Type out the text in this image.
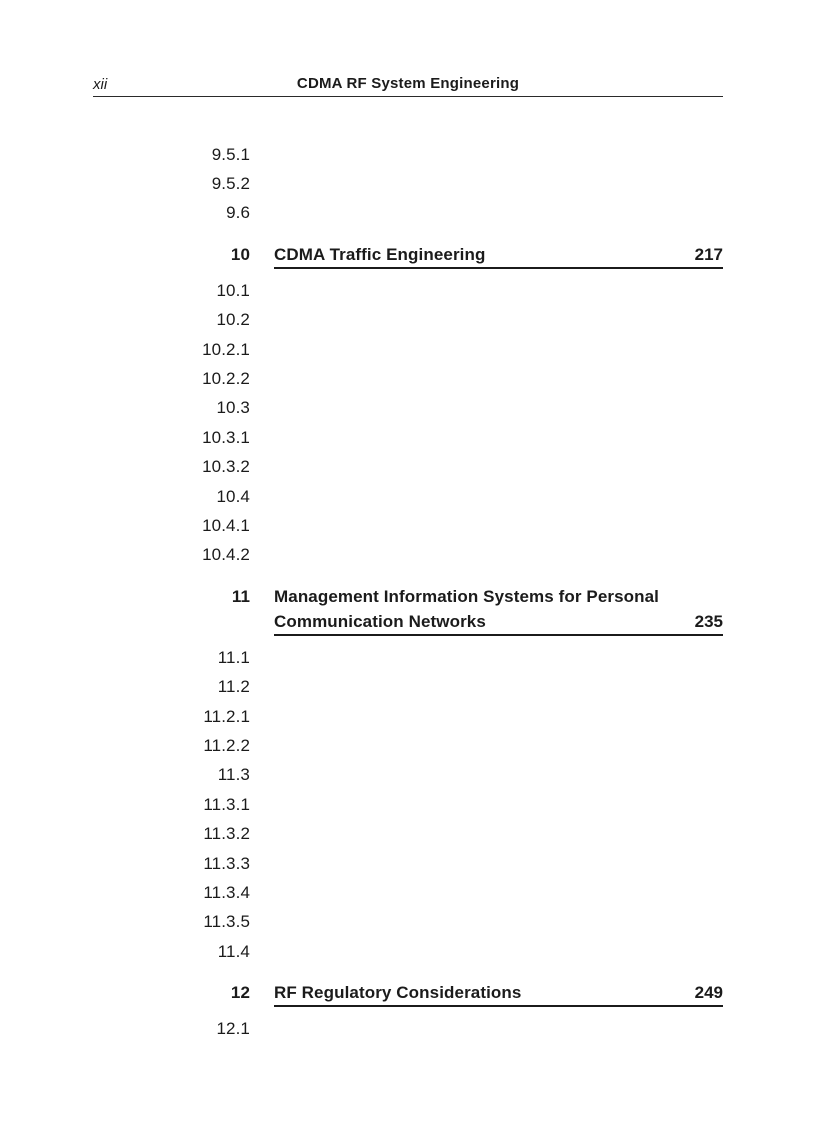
xii	CDMA RF System Engineering
9.5.1
9.5.2
9.6
10 CDMA Traffic Engineering	217
10.1
10.2
10.2.1
10.2.2
10.3
10.3.1
10.3.2
10.4
10.4.1
10.4.2
11 Management Information Systems for Personal
Communication Networks	235
11.1
11.2
11.2.1
11.2.2
11.3
11.3.1
11.3.2
11.3.3
11.3.4
11.3.5
11.4
12 RF Regulatory Considerations	249
12.1
